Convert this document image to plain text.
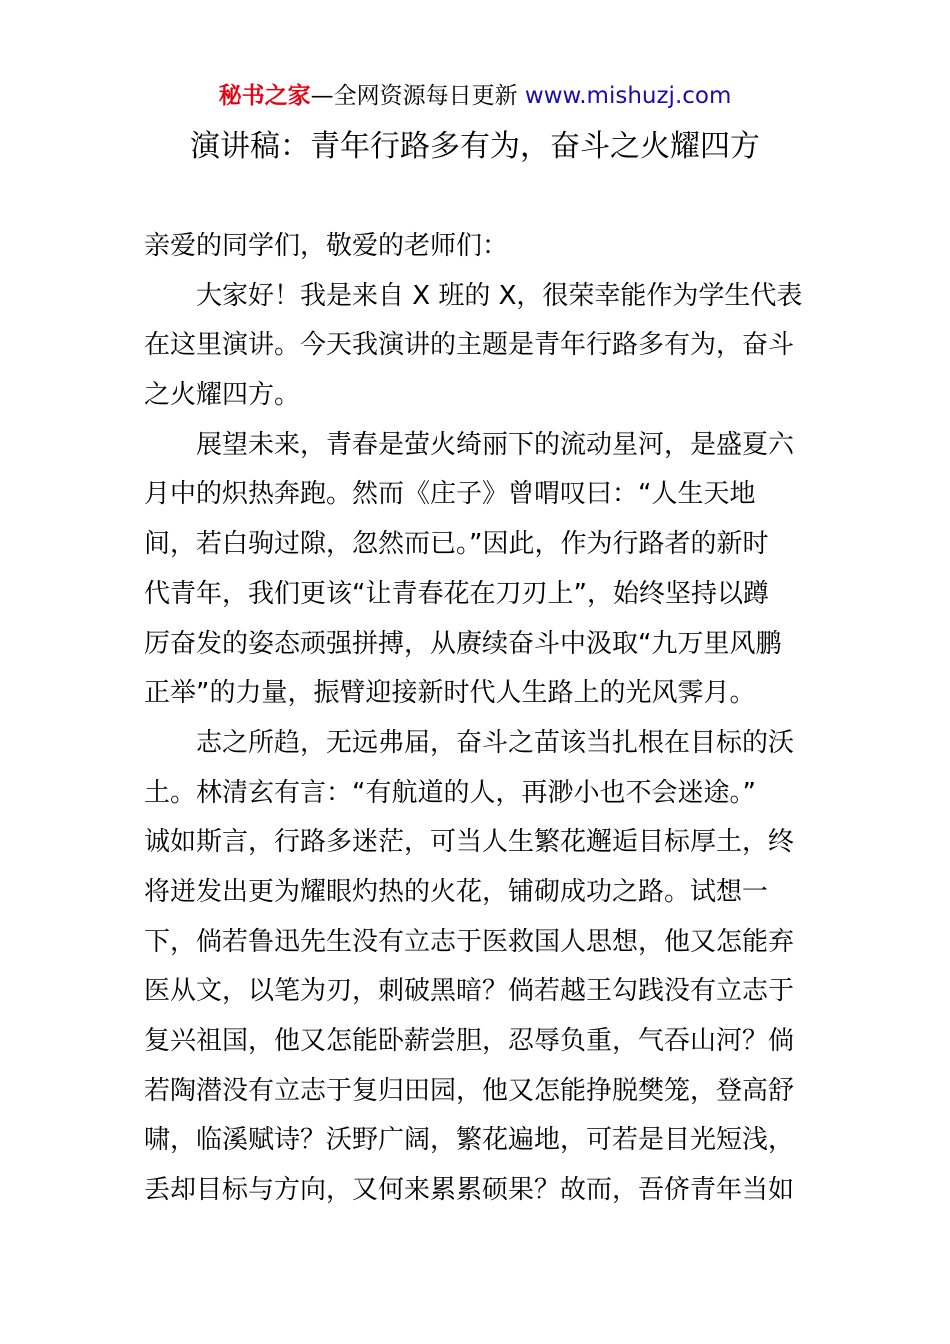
秘书之家—全网资源每日更新 www.mishuzj.com
演讲稿：青年行路多有为，奋斗之火耀四方
亲爱的同学们，敬爱的老师们：
大家好！我是来自 X 班的 X，很荣幸能作为学生代表
在这里演讲。今天我演讲的主题是青年行路多有为，奋斗
之火耀四方。
展望未来，青春是萤火绮丽下的流动星河，是盛夏六
月中的炽热奔跑。然而《庄子》曾喟叹曰：“人生天地
间，若白驹过隙，忽然而已。”因此，作为行路者的新时
代青年，我们更该“让青春花在刀刃上”，始终坚持以蹲
厉奋发的姿态顽强拼搏，从赓续奋斗中汲取“九万里风鹏
正举”的力量，振臂迎接新时代人生路上的光风霁月。
志之所趋，无远弗届，奋斗之苗该当扎根在目标的沃
土。林清玄有言：“有航道的人，再渺小也不会迷途。”
诚如斯言，行路多迷茫，可当人生繁花邂逅目标厚土，终
将迸发出更为耀眼灼热的火花，铺砌成功之路。试想一
下，倘若鲁迅先生没有立志于医救国人思想，他又怎能弃
医从文，以笔为刃，刺破黑暗？倘若越王勾践没有立志于
复兴祖国，他又怎能卧薪尝胆，忍辱负重，气吞山河？倘
若陶潜没有立志于复归田园，他又怎能挣脱樊笼，登高舒
啸，临溪赋诗？沃野广阔，繁花遍地，可若是目光短浅，
丢却目标与方向，又何来累累硕果？故而，吾侪青年当如
